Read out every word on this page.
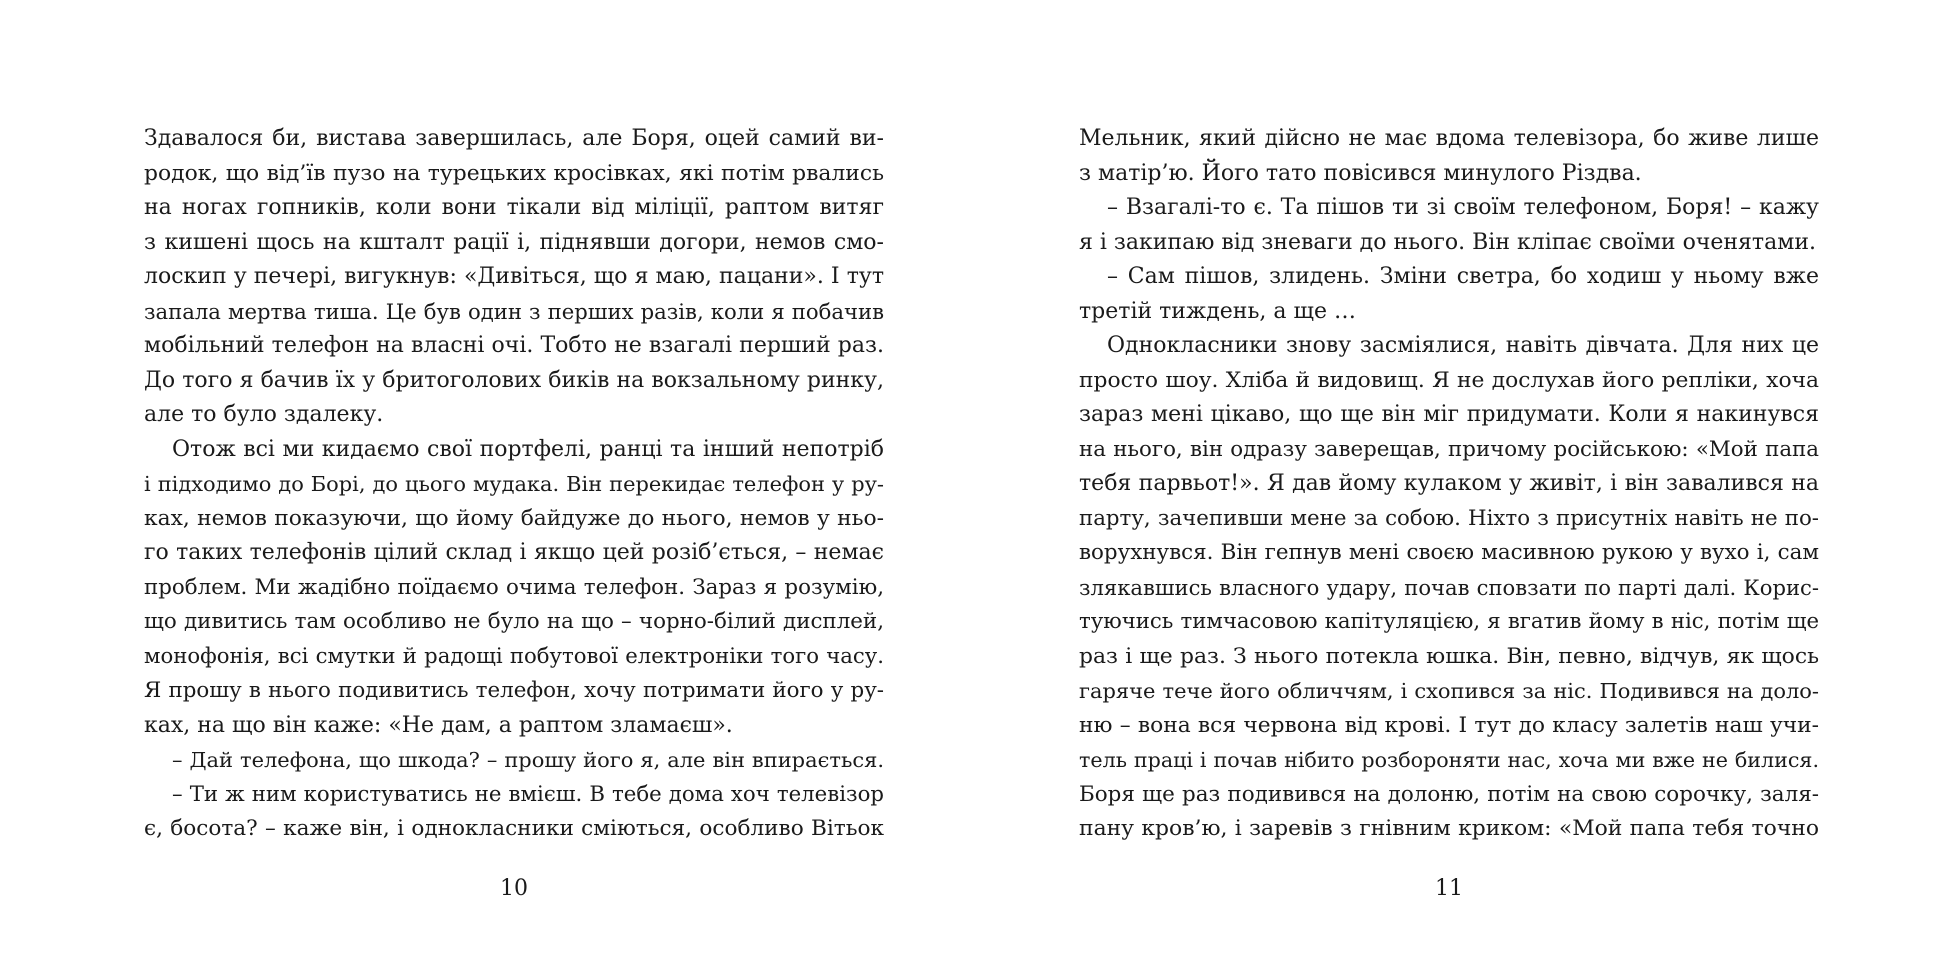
Здавалося би, вистава завершилась, але Боря, оцей самий ви-
родок, що від’їв пузо на турецьких кросівках, які потім рвались
на ногах гопників, коли вони тікали від міліції, раптом витяг
з кишені щось на кшталт рації і, піднявши догори, немов смо-
лоскип у печері, вигукнув: «Дивіться, що я маю, пацани». І тут
запала мертва тиша. Це був один з перших разів, коли я побачив
мобільний телефон на власні очі. Тобто не взагалі перший раз.
До того я бачив їх у бритоголових биків на вокзальному ринку,
але то було здалеку.
Отож всі ми кидаємо свої портфелі, ранці та інший непотріб
і підходимо до Борі, до цього мудака. Він перекидає телефон у ру-
ках, немов показуючи, що йому байдуже до нього, немов у ньо-
го таких телефонів цілий склад і якщо цей розіб’ється, – немає
проблем. Ми жадібно поїдаємо очима телефон. Зараз я розумію,
що дивитись там особливо не було на що – чорно-білий дисплей,
монофонія, всі смутки й радощі побутової електроніки того часу.
Я прошу в нього подивитись телефон, хочу потримати його у ру-
ках, на що він каже: «Не дам, а раптом зламаєш».
– Дай телефона, що шкода? – прошу його я, але він впирається.
– Ти ж ним користуватись не вмієш. В тебе дома хоч телевізор
є, босота? – каже він, і однокласники сміються, особливо Вітьок
10
Мельник, який дійсно не має вдома телевізора, бо живе лише
з матір’ю. Його тато повісився минулого Різдва.
– Взагалі-то є. Та пішов ти зі своїм телефоном, Боря! – кажу
я і закипаю від зневаги до нього. Він кліпає своїми оченятами.
– Сам пішов, злидень. Зміни светра, бо ходиш у ньому вже
третій тиждень, а ще …
Однокласники знову засміялися, навіть дівчата. Для них це
просто шоу. Хліба й видовищ. Я не дослухав його репліки, хоча
зараз мені цікаво, що ще він міг придумати. Коли я накинувся
на нього, він одразу заверещав, причому російською: «Мой папа
тебя парвьот!». Я дав йому кулаком у живіт, і він завалився на
парту, зачепивши мене за собою. Ніхто з присутніх навіть не по-
ворухнувся. Він гепнув мені своєю масивною рукою у вухо і, сам
злякавшись власного удару, почав сповзати по парті далі. Корис-
туючись тимчасовою капітуляцією, я вгатив йому в ніс, потім ще
раз і ще раз. З нього потекла юшка. Він, певно, відчув, як щось
гаряче тече його обличчям, і схопився за ніс. Подивився на доло-
ню – вона вся червона від крові. І тут до класу залетів наш учи-
тель праці і почав нібито розбороняти нас, хоча ми вже не билися.
Боря ще раз подивився на долоню, потім на свою сорочку, заля-
пану кров’ю, і заревів з гнівним криком: «Мой папа тебя точно
11
